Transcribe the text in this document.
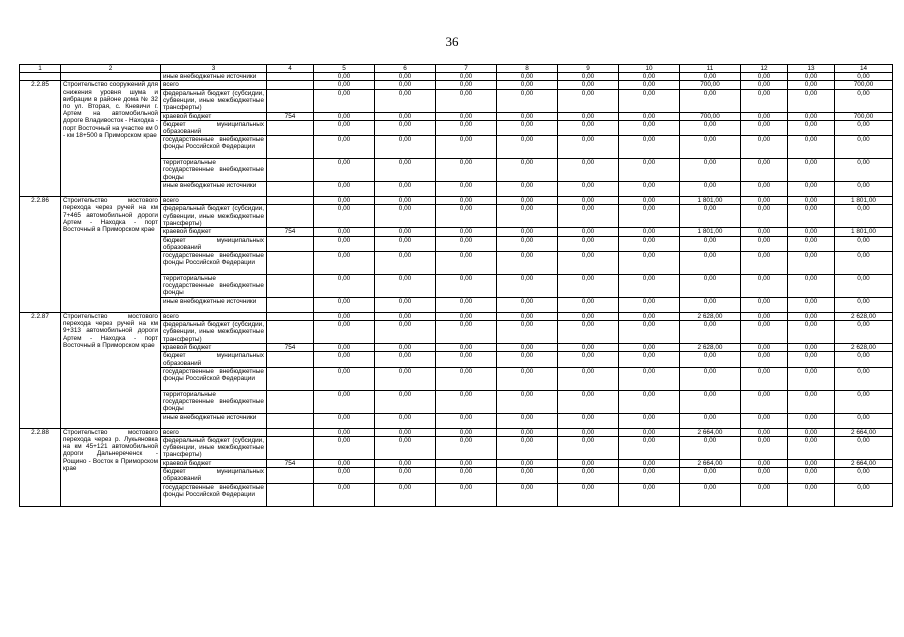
36
1	2	3	4	5	6	7	8	9	10	11	12	13	14
		иные внебюджетные источники		0,00	0,00	0,00	0,00	0,00	0,00	0,00	0,00	0,00	0,00
2.2.85	Строительство сооружений для снижения уровня шума и вибрации в районе дома № 32 по ул. Вторая, с. Кневичи г. Артем на автомобильной дороге Владивосток - Находка - порт Восточный на участке км 0 - км 18+500 в Приморском крае	всего		0,00	0,00	0,00	0,00	0,00	0,00	700,00	0,00	0,00	700,00
		федеральный бюджет (субсидии, субвенции, иные межбюджетные трансферты)		0,00	0,00	0,00	0,00	0,00	0,00	0,00	0,00	0,00	0,00
		краевой бюджет	754	0,00	0,00	0,00	0,00	0,00	0,00	700,00	0,00	0,00	700,00
		бюджет муниципальных образований		0,00	0,00	0,00	0,00	0,00	0,00	0,00	0,00	0,00	0,00
		государственные внебюджетные фонды Российской Федерации		0,00	0,00	0,00	0,00	0,00	0,00	0,00	0,00	0,00	0,00
		территориальные государственные внебюджетные фонды		0,00	0,00	0,00	0,00	0,00	0,00	0,00	0,00	0,00	0,00
		иные внебюджетные источники		0,00	0,00	0,00	0,00	0,00	0,00	0,00	0,00	0,00	0,00
2.2.86	Строительство мостового перехода через ручей на км 7+465 автомобильной дороги Артем - Находка - порт Восточный в Приморском крае	всего		0,00	0,00	0,00	0,00	0,00	0,00	1 801,00	0,00	0,00	1 801,00
		федеральный бюджет (субсидии, субвенции, иные межбюджетные трансферты)		0,00	0,00	0,00	0,00	0,00	0,00	0,00	0,00	0,00	0,00
		краевой бюджет	754	0,00	0,00	0,00	0,00	0,00	0,00	1 801,00	0,00	0,00	1 801,00
		бюджет муниципальных образований		0,00	0,00	0,00	0,00	0,00	0,00	0,00	0,00	0,00	0,00
		государственные внебюджетные фонды Российской Федерации		0,00	0,00	0,00	0,00	0,00	0,00	0,00	0,00	0,00	0,00
		территориальные государственные внебюджетные фонды		0,00	0,00	0,00	0,00	0,00	0,00	0,00	0,00	0,00	0,00
		иные внебюджетные источники		0,00	0,00	0,00	0,00	0,00	0,00	0,00	0,00	0,00	0,00
2.2.87	Строительство мостового перехода через ручей на км 9+313 автомобильной дороги Артем - Находка - порт Восточный в Приморском крае	всего		0,00	0,00	0,00	0,00	0,00	0,00	2 628,00	0,00	0,00	2 628,00
		федеральный бюджет (субсидии, субвенции, иные межбюджетные трансферты)		0,00	0,00	0,00	0,00	0,00	0,00	0,00	0,00	0,00	0,00
		краевой бюджет	754	0,00	0,00	0,00	0,00	0,00	0,00	2 628,00	0,00	0,00	2 628,00
		бюджет муниципальных образований		0,00	0,00	0,00	0,00	0,00	0,00	0,00	0,00	0,00	0,00
		государственные внебюджетные фонды Российской Федерации		0,00	0,00	0,00	0,00	0,00	0,00	0,00	0,00	0,00	0,00
		территориальные государственные внебюджетные фонды		0,00	0,00	0,00	0,00	0,00	0,00	0,00	0,00	0,00	0,00
		иные внебюджетные источники		0,00	0,00	0,00	0,00	0,00	0,00	0,00	0,00	0,00	0,00
2.2.88	Строительство мостового перехода через р. Лукьяновка на км 45+121 автомобильной дороги Дальнереченск - Рощино - Восток в Приморском крае	всего		0,00	0,00	0,00	0,00	0,00	0,00	2 664,00	0,00	0,00	2 664,00
		федеральный бюджет (субсидии, субвенции, иные межбюджетные трансферты)		0,00	0,00	0,00	0,00	0,00	0,00	0,00	0,00	0,00	0,00
		краевой бюджет	754	0,00	0,00	0,00	0,00	0,00	0,00	2 664,00	0,00	0,00	2 664,00
		бюджет муниципальных образований		0,00	0,00	0,00	0,00	0,00	0,00	0,00	0,00	0,00	0,00
		государственные внебюджетные фонды Российской Федерации		0,00	0,00	0,00	0,00	0,00	0,00	0,00	0,00	0,00	0,00
